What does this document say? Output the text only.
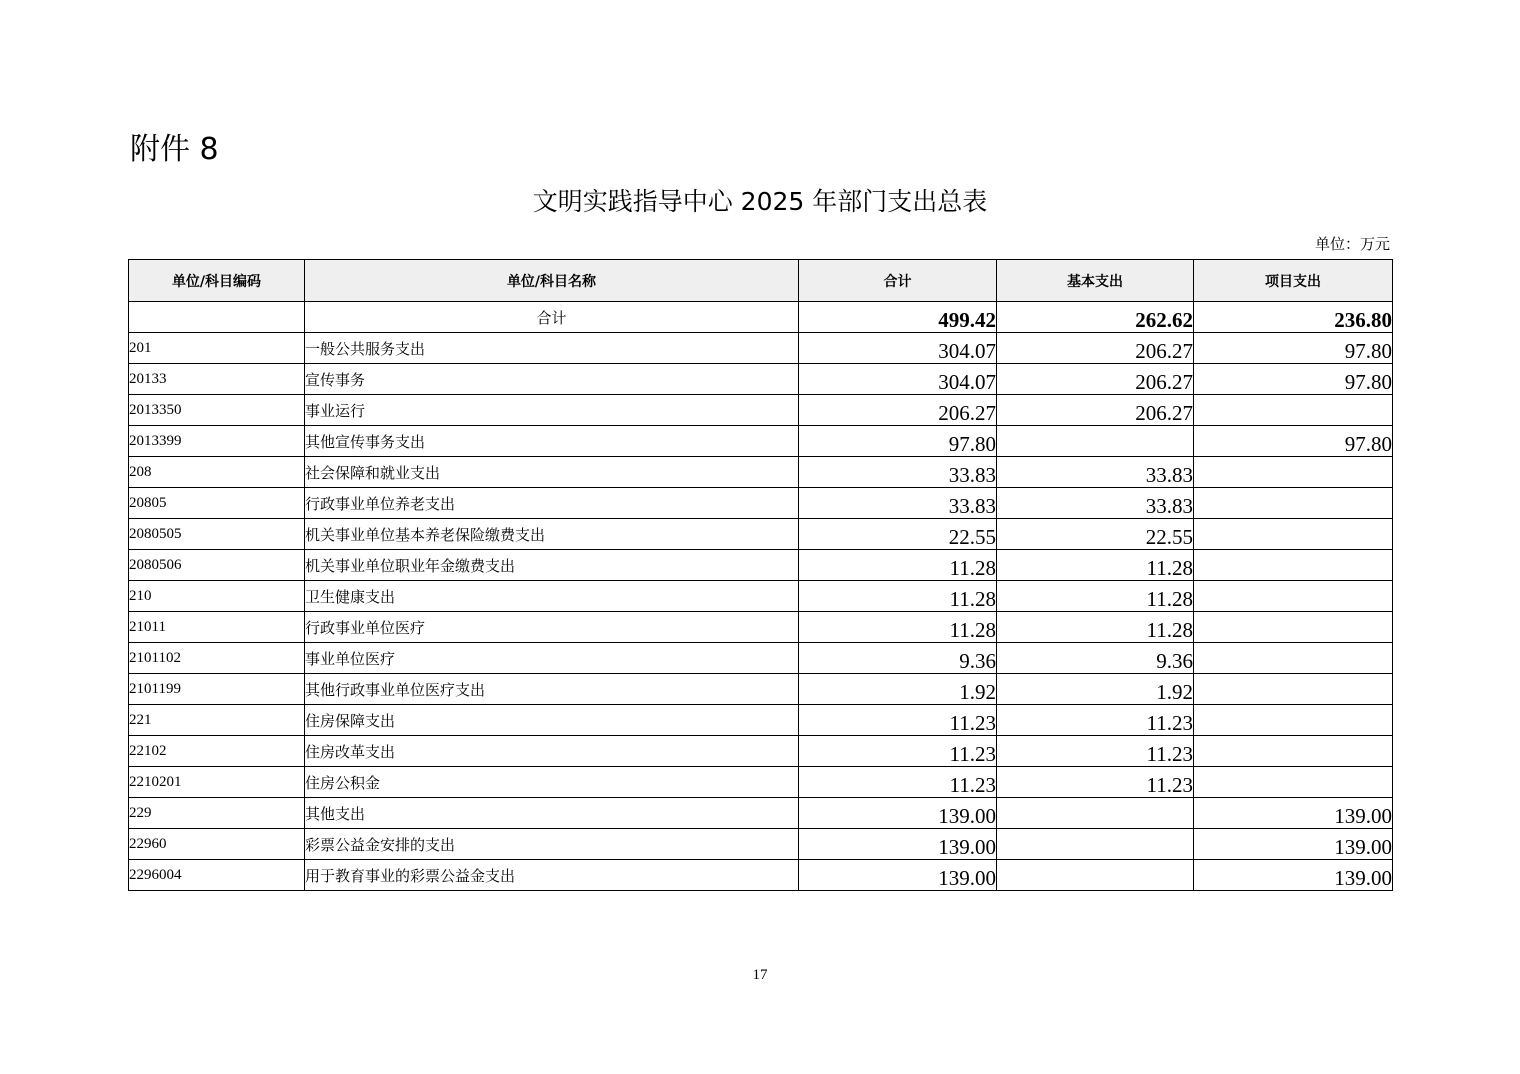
附件 8
文明实践指导中心 2025 年部门支出总表
单位：万元
单位/科目编码	单位/科目名称	合计	基本支出	项目支出
	合计	499.42	262.62	236.80
201	一般公共服务支出	304.07	206.27	97.80
20133	宣传事务	304.07	206.27	97.80
2013350	事业运行	206.27	206.27	
2013399	其他宣传事务支出	97.80		97.80
208	社会保障和就业支出	33.83	33.83	
20805	行政事业单位养老支出	33.83	33.83	
2080505	机关事业单位基本养老保险缴费支出	22.55	22.55	
2080506	机关事业单位职业年金缴费支出	11.28	11.28	
210	卫生健康支出	11.28	11.28	
21011	行政事业单位医疗	11.28	11.28	
2101102	事业单位医疗	9.36	9.36	
2101199	其他行政事业单位医疗支出	1.92	1.92	
221	住房保障支出	11.23	11.23	
22102	住房改革支出	11.23	11.23	
2210201	住房公积金	11.23	11.23	
229	其他支出	139.00		139.00
22960	彩票公益金安排的支出	139.00		139.00
2296004	用于教育事业的彩票公益金支出	139.00		139.00
17
